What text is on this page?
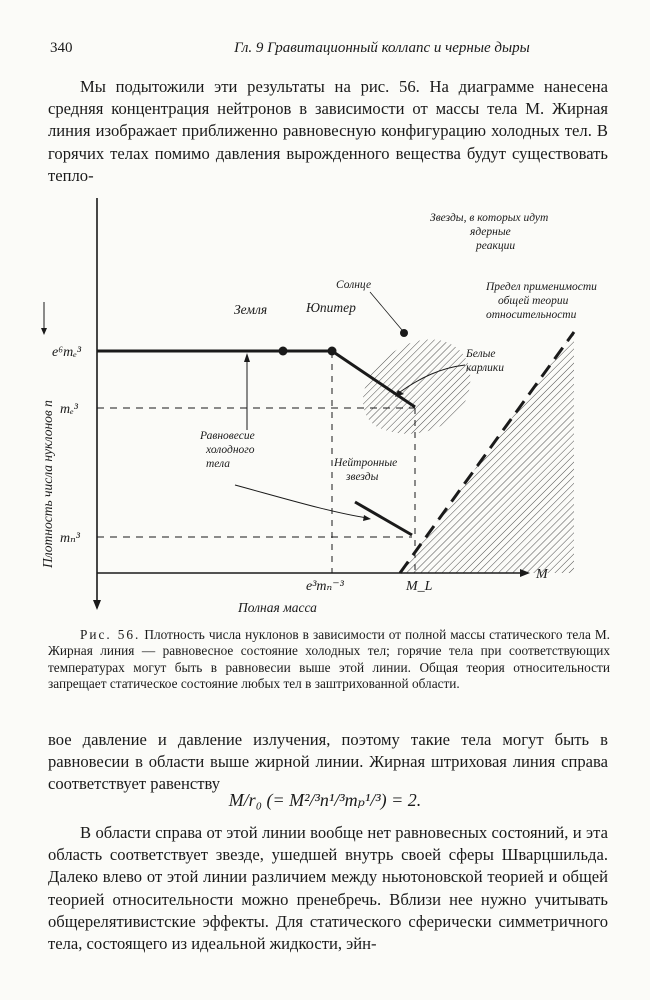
340	Гл. 9 Гравитационный коллапс и черные дыры

Мы подытожили эти результаты на рис. 56. На диаграмме нанесена средняя концентрация нейтронов в зависимости от массы тела M. Жирная линия изображает приближенно равновесную конфигурацию холодных тел. В горячих телах помимо давления вырожденного вещества будут существовать тепло-

Плотность числа нуклонов n
e⁶mₑ³
mₑ³
mₙ³
e³mₙ⁻³	M_L
M
Полная масса
Земля	Юпитер
Солнце
Звезды, в которых идут
ядерные
реакции
Предел применимости
общей теории
относительности
Белые
карлики
Равновесие
холодного
тела	Нейтронные
звезды

Рис. 56. Плотность числа нуклонов в зависимости от полной массы статического тела M. Жирная линия — равновесное состояние холодных тел; горячие тела при соответствующих температурах могут быть в равновесии выше этой линии. Общая теория относительности запрещает статическое состояние любых тел в заштрихованной области.

вое давление и давление излучения, поэтому такие тела могут быть в равновесии в области выше жирной линии. Жирная штриховая линия справа соответствует равенству

M/r₀ (= M²/³n¹/³mₚ¹/³) = 2.

В области справа от этой линии вообще нет равновесных состояний, и эта область соответствует звезде, ушедшей внутрь своей сферы Шварцшильда. Далеко влево от этой линии различием между ньютоновской теорией и общей теорией относительности можно пренебречь. Вблизи нее нужно учитывать общерелятивистские эффекты. Для статического сферически симметричного тела, состоящего из идеальной жидкости, эйн-
